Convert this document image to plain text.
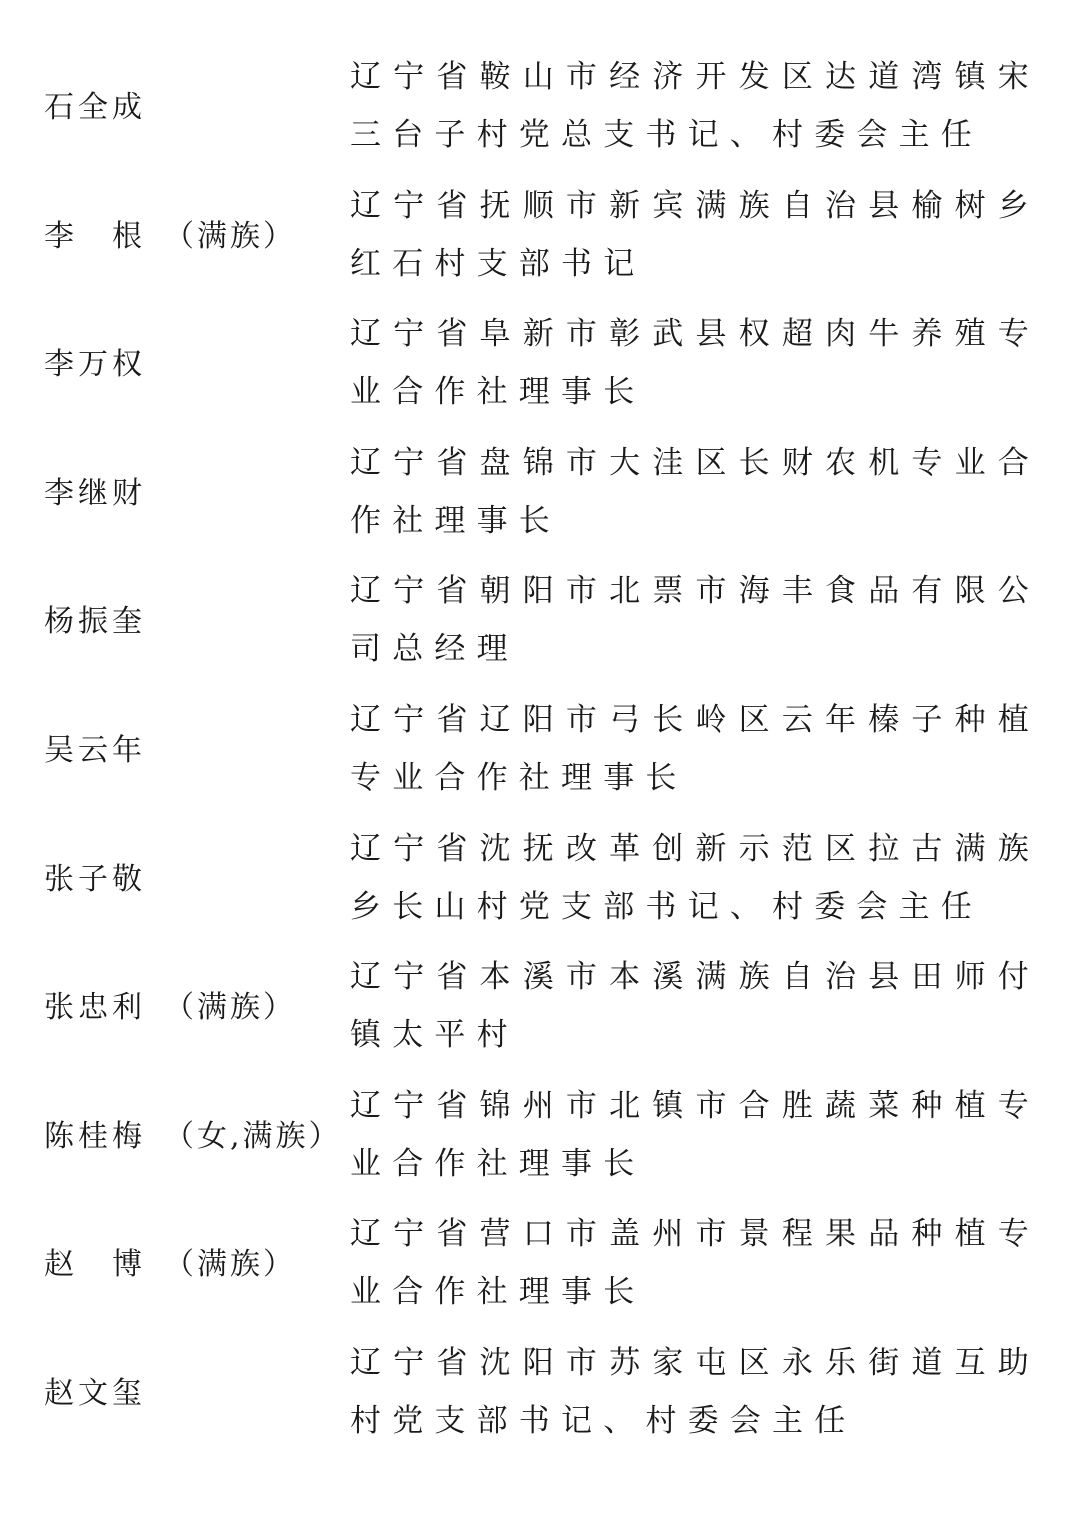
石全成
辽宁省鞍山市经济开发区达道湾镇宋三台子村党总支书记、村委会主任
李　根 （满族）
辽宁省抚顺市新宾满族自治县榆树乡红石村支部书记
李万权
辽宁省阜新市彰武县权超肉牛养殖专业合作社理事长
李继财
辽宁省盘锦市大洼区长财农机专业合作社理事长
杨振奎
辽宁省朝阳市北票市海丰食品有限公司总经理
吴云年
辽宁省辽阳市弓长岭区云年榛子种植专业合作社理事长
张子敬
辽宁省沈抚改革创新示范区拉古满族乡长山村党支部书记、村委会主任
张忠利 （满族）
辽宁省本溪市本溪满族自治县田师付镇太平村
陈桂梅 （女,满族）
辽宁省锦州市北镇市合胜蔬菜种植专业合作社理事长
赵　博 （满族）
辽宁省营口市盖州市景程果品种植专业合作社理事长
赵文玺
辽宁省沈阳市苏家屯区永乐街道互助村党支部书记、村委会主任
